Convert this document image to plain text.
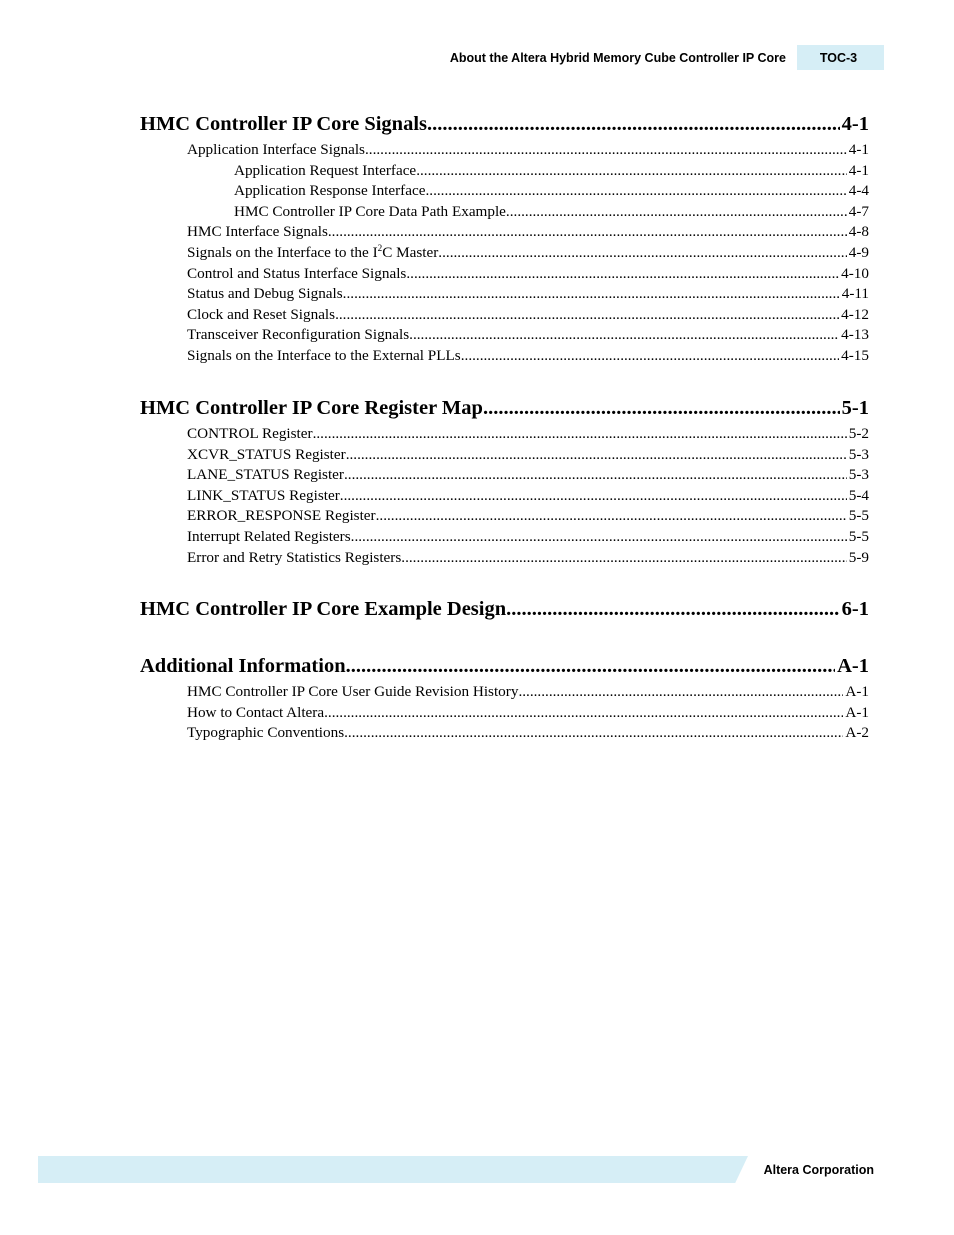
About the Altera Hybrid Memory Cube Controller IP Core	TOC-3
HMC Controller IP Core Signals .....	4-1
Application Interface Signals .....	4-1
Application Request Interface .....	4-1
Application Response Interface .....	4-4
HMC Controller IP Core Data Path Example .....	4-7
HMC Interface Signals .....	4-8
Signals on the Interface to the $I^2C$ Master .....	4-9
Control and Status Interface Signals .....	4-10
Status and Debug Signals .....	4-11
Clock and Reset Signals .....	4-12
Transceiver Reconfiguration Signals .....	4-13
Signals on the Interface to the External PLLs .....	4-15
HMC Controller IP Core Register Map .....	5-1
CONTROL Register .....	5-2
XCVR_STATUS Register .....	5-3
LANE_STATUS Register .....	5-3
LINK_STATUS Register .....	5-4
ERROR_RESPONSE Register .....	5-5
Interrupt Related Registers .....	5-5
Error and Retry Statistics Registers .....	5-9
HMC Controller IP Core Example Design .....	6-1
Additional Information .....	A-1
HMC Controller IP Core User Guide Revision History .....	A-1
How to Contact Altera .....	A-1
Typographic Conventions .....	A-2
Altera Corporation
